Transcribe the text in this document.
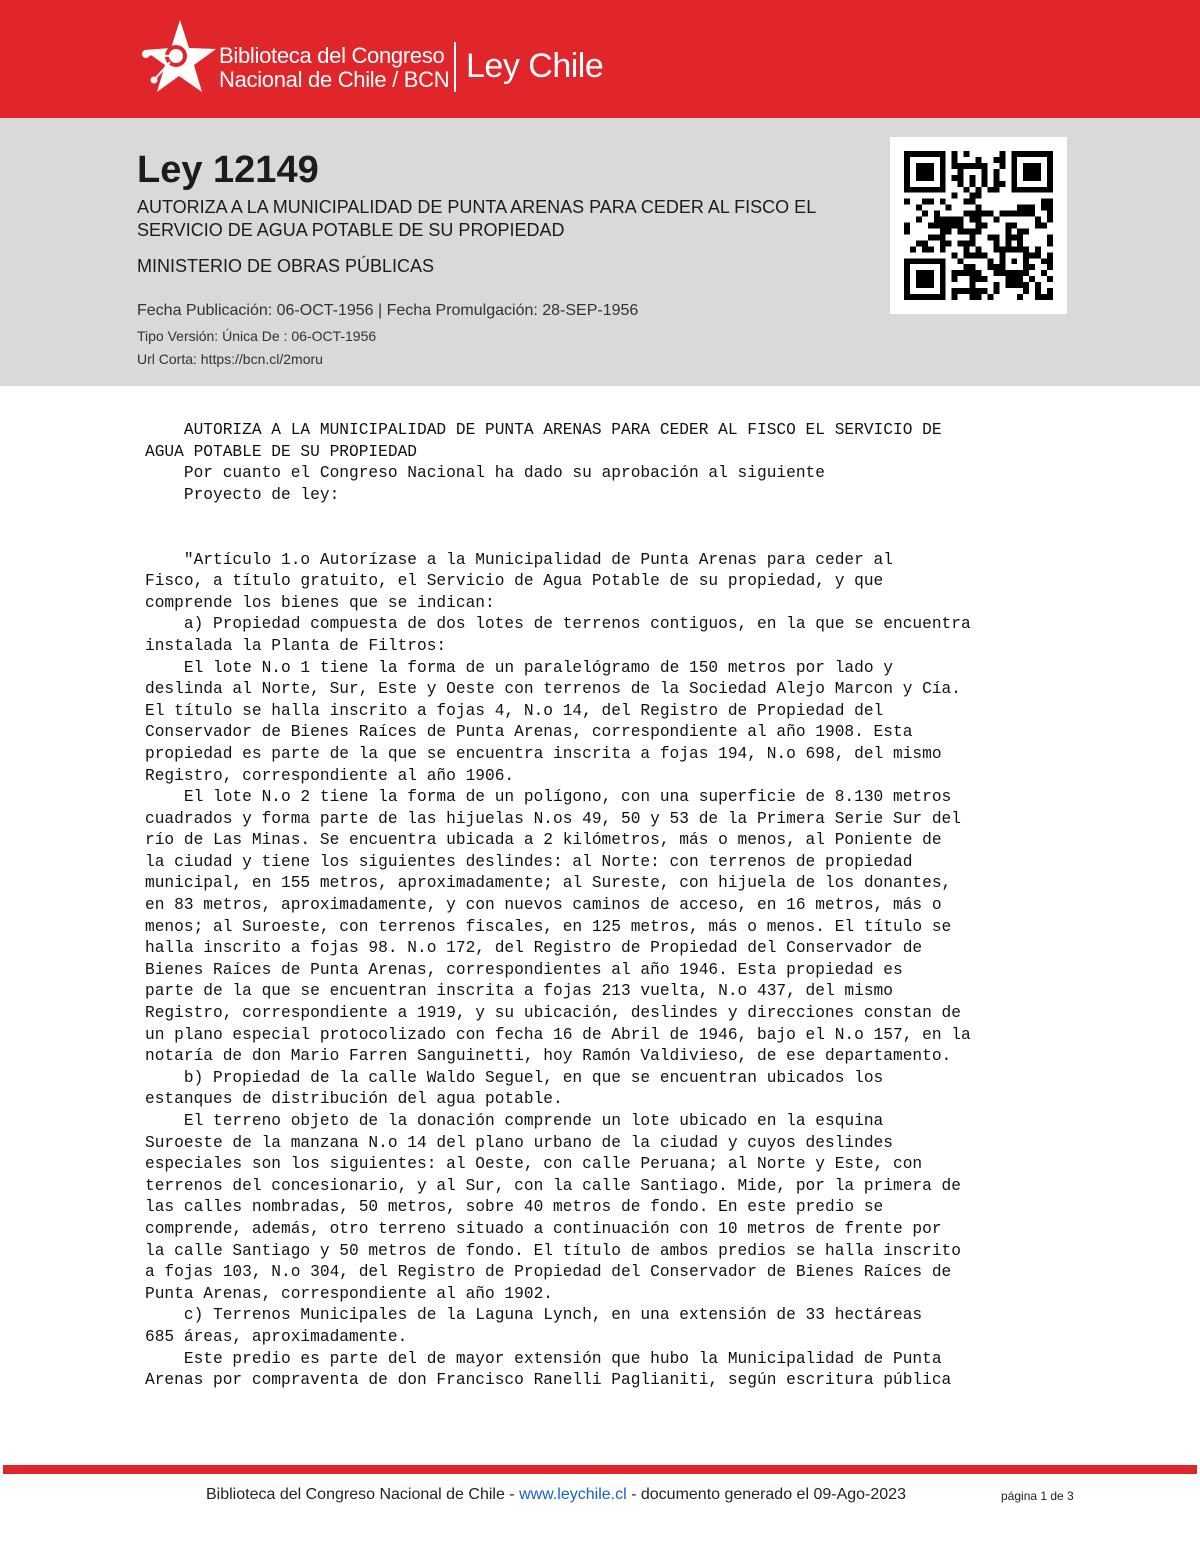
Biblioteca del Congreso
Nacional de Chile / BCN Ley Chile
Ley 12149
AUTORIZA A LA MUNICIPALIDAD DE PUNTA ARENAS PARA CEDER AL FISCO EL SERVICIO DE AGUA POTABLE DE SU PROPIEDAD
MINISTERIO DE OBRAS PÚBLICAS
Fecha Publicación: 06-OCT-1956 | Fecha Promulgación: 28-SEP-1956
Tipo Versión: Única De : 06-OCT-1956
Url Corta: https://bcn.cl/2moru
AUTORIZA A LA MUNICIPALIDAD DE PUNTA ARENAS PARA CEDER AL FISCO EL SERVICIO DE
AGUA POTABLE DE SU PROPIEDAD
Por cuanto el Congreso Nacional ha dado su aprobación al siguiente
Proyecto de ley:

"Artículo 1.o Autorízase a la Municipalidad de Punta Arenas para ceder al
Fisco, a título gratuito, el Servicio de Agua Potable de su propiedad, y que
comprende los bienes que se indican:
a) Propiedad compuesta de dos lotes de terrenos contiguos, en la que se encuentra
instalada la Planta de Filtros:
El lote N.o 1 tiene la forma de un paralelógramo de 150 metros por lado y
deslinda al Norte, Sur, Este y Oeste con terrenos de la Sociedad Alejo Marcon y Cía.
El título se halla inscrito a fojas 4, N.o 14, del Registro de Propiedad del
Conservador de Bienes Raíces de Punta Arenas, correspondiente al año 1908. Esta
propiedad es parte de la que se encuentra inscrita a fojas 194, N.o 698, del mismo
Registro, correspondiente al año 1906.
El lote N.o 2 tiene la forma de un polígono, con una superficie de 8.130 metros
cuadrados y forma parte de las hijuelas N.os 49, 50 y 53 de la Primera Serie Sur del
río de Las Minas. Se encuentra ubicada a 2 kilómetros, más o menos, al Poniente de
la ciudad y tiene los siguientes deslindes: al Norte: con terrenos de propiedad
municipal, en 155 metros, aproximadamente; al Sureste, con hijuela de los donantes,
en 83 metros, aproximadamente, y con nuevos caminos de acceso, en 16 metros, más o
menos; al Suroeste, con terrenos fiscales, en 125 metros, más o menos. El título se
halla inscrito a fojas 98. N.o 172, del Registro de Propiedad del Conservador de
Bienes Raíces de Punta Arenas, correspondientes al año 1946. Esta propiedad es
parte de la que se encuentran inscrita a fojas 213 vuelta, N.o 437, del mismo
Registro, correspondiente a 1919, y su ubicación, deslindes y direcciones constan de
un plano especial protocolizado con fecha 16 de Abril de 1946, bajo el N.o 157, en la
notaría de don Mario Farren Sanguinetti, hoy Ramón Valdivieso, de ese departamento.
b) Propiedad de la calle Waldo Seguel, en que se encuentran ubicados los
estanques de distribución del agua potable.
El terreno objeto de la donación comprende un lote ubicado en la esquina
Suroeste de la manzana N.o 14 del plano urbano de la ciudad y cuyos deslindes
especiales son los siguientes: al Oeste, con calle Peruana; al Norte y Este, con
terrenos del concesionario, y al Sur, con la calle Santiago. Mide, por la primera de
las calles nombradas, 50 metros, sobre 40 metros de fondo. En este predio se
comprende, además, otro terreno situado a continuación con 10 metros de frente por
la calle Santiago y 50 metros de fondo. El título de ambos predios se halla inscrito
a fojas 103, N.o 304, del Registro de Propiedad del Conservador de Bienes Raíces de
Punta Arenas, correspondiente al año 1902.
c) Terrenos Municipales de la Laguna Lynch, en una extensión de 33 hectáreas
685 áreas, aproximadamente.
Este predio es parte del de mayor extensión que hubo la Municipalidad de Punta
Arenas por compraventa de don Francisco Ranelli Paglianiti, según escritura pública
Biblioteca del Congreso Nacional de Chile - www.leychile.cl - documento generado el 09-Ago-2023	página 1 de 3
